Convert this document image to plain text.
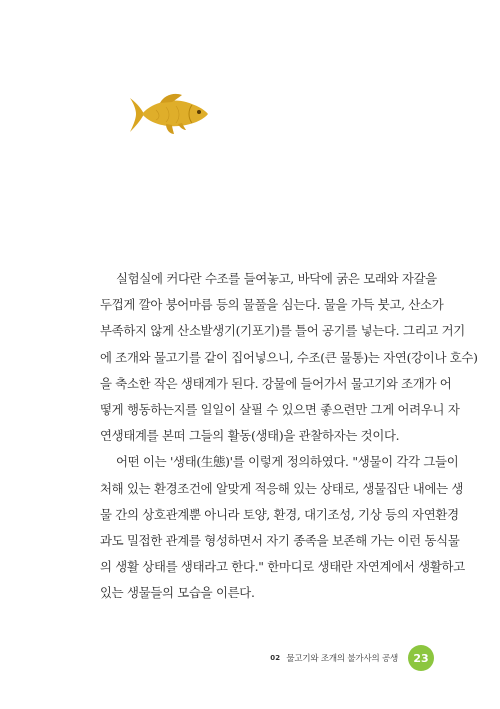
실험실에 커다란 수조를 들여놓고, 바닥에 굵은 모래와 자갈을
두껍게 깔아 붕어마름 등의 물풀을 심는다. 물을 가득 붓고, 산소가
부족하지 않게 산소발생기(기포기)를 틀어 공기를 넣는다. 그리고 거기
에 조개와 물고기를 같이 집어넣으니, 수조(큰 물통)는 자연(강이나 호수)
을 축소한 작은 생태계가 된다. 강물에 들어가서 물고기와 조개가 어
떻게 행동하는지를 일일이 살필 수 있으면 좋으련만 그게 어려우니 자
연생태계를 본떠 그들의 활동(생태)을 관찰하자는 것이다.
어떤 이는 '생태(生態)'를 이렇게 정의하였다. "생물이 각각 그들이
처해 있는 환경조건에 알맞게 적응해 있는 상태로, 생물집단 내에는 생
물 간의 상호관계뿐 아니라 토양, 환경, 대기조성, 기상 등의 자연환경
과도 밀접한 관계를 형성하면서 자기 종족을 보존해 가는 이런 동식물
의 생활 상태를 생태라고 한다." 한마디로 생태란 자연계에서 생활하고
있는 생물들의 모습을 이른다.
02 물고기와 조개의 불가사의 공생	23
